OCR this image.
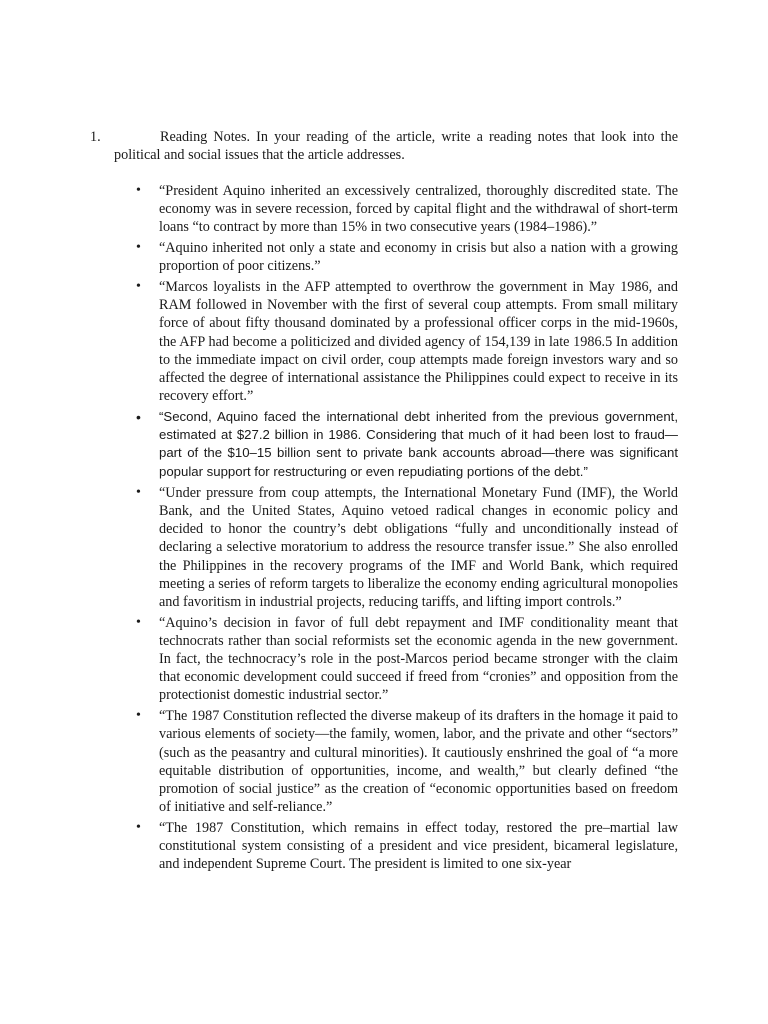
1.	Reading Notes. In your reading of the article, write a reading notes that look into the political and social issues that the article addresses.
• “President Aquino inherited an excessively centralized, thoroughly discredited state. The economy was in severe recession, forced by capital flight and the withdrawal of short-term loans “to contract by more than 15% in two consecutive years (1984–1986).”
• “Aquino inherited not only a state and economy in crisis but also a nation with a growing proportion of poor citizens.”
• “Marcos loyalists in the AFP attempted to overthrow the government in May 1986, and RAM followed in November with the first of several coup attempts. From small military force of about fifty thousand dominated by a professional officer corps in the mid-1960s, the AFP had become a politicized and divided agency of 154,139 in late 1986.5 In addition to the immediate impact on civil order, coup attempts made foreign investors wary and so affected the degree of international assistance the Philippines could expect to receive in its recovery effort.”
• “Second, Aquino faced the international debt inherited from the previous government, estimated at $27.2 billion in 1986. Considering that much of it had been lost to fraud—part of the $10–15 billion sent to private bank accounts abroad—there was significant popular support for restructuring or even repudiating portions of the debt.”
• “Under pressure from coup attempts, the International Monetary Fund (IMF), the World Bank, and the United States, Aquino vetoed radical changes in economic policy and decided to honor the country’s debt obligations “fully and unconditionally instead of declaring a selective moratorium to address the resource transfer issue.” She also enrolled the Philippines in the recovery programs of the IMF and World Bank, which required meeting a series of reform targets to liberalize the economy ending agricultural monopolies and favoritism in industrial projects, reducing tariffs, and lifting import controls.”
• “Aquino’s decision in favor of full debt repayment and IMF conditionality meant that technocrats rather than social reformists set the economic agenda in the new government. In fact, the technocracy’s role in the post-Marcos period became stronger with the claim that economic development could succeed if freed from “cronies” and opposition from the protectionist domestic industrial sector.”
• “The 1987 Constitution reflected the diverse makeup of its drafters in the homage it paid to various elements of society—the family, women, labor, and the private and other “sectors” (such as the peasantry and cultural minorities). It cautiously enshrined the goal of “a more equitable distribution of opportunities, income, and wealth,” but clearly defined “the promotion of social justice” as the creation of “economic opportunities based on freedom of initiative and self-reliance.”
• “The 1987 Constitution, which remains in effect today, restored the pre–martial law constitutional system consisting of a president and vice president, bicameral legislature, and independent Supreme Court. The president is limited to one six-year
